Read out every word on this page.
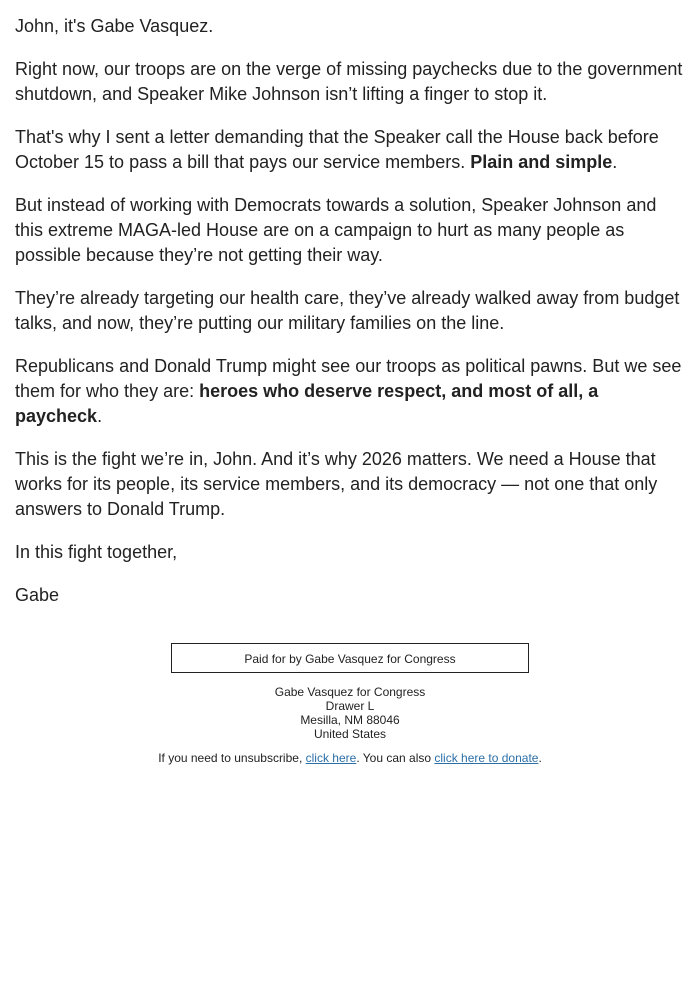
John, it's Gabe Vasquez.

Right now, our troops are on the verge of missing paychecks due to the government shutdown, and Speaker Mike Johnson isn’t lifting a finger to stop it.

That's why I sent a letter demanding that the Speaker call the House back before October 15 to pass a bill that pays our service members. Plain and simple.

But instead of working with Democrats towards a solution, Speaker Johnson and this extreme MAGA-led House are on a campaign to hurt as many people as possible because they’re not getting their way.

They’re already targeting our health care, they’ve already walked away from budget talks, and now, they’re putting our military families on the line.

Republicans and Donald Trump might see our troops as political pawns. But we see them for who they are: heroes who deserve respect, and most of all, a paycheck.

This is the fight we’re in, John. And it’s why 2026 matters. We need a House that works for its people, its service members, and its democracy — not one that only answers to Donald Trump.

In this fight together,

Gabe

Paid for by Gabe Vasquez for Congress
Gabe Vasquez for Congress
Drawer L
Mesilla, NM 88046
United States
If you need to unsubscribe, click here. You can also click here to donate.
